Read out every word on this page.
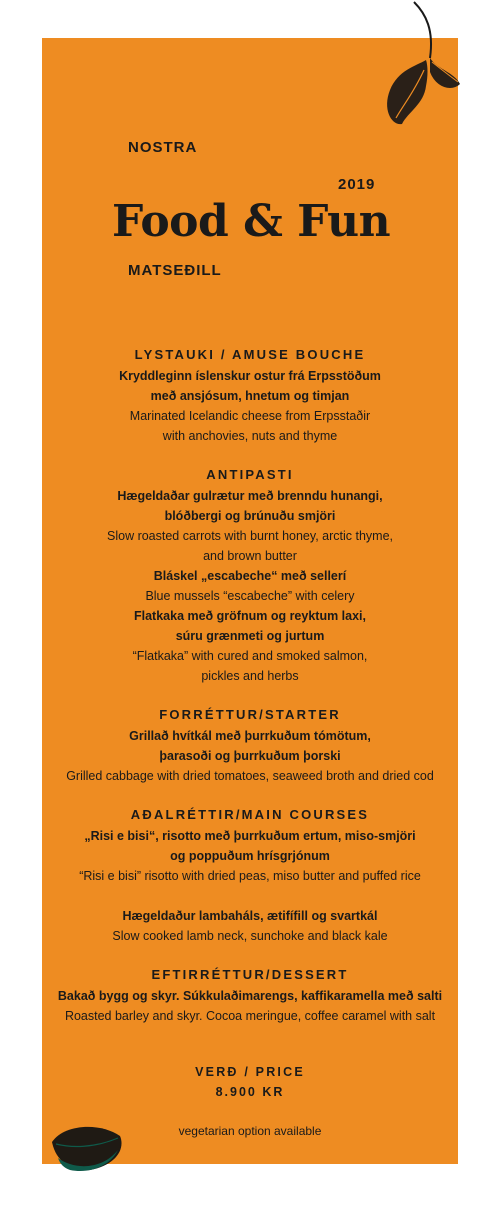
NOSTRA
2019
Food & Fun
MATSEÐILL
LYSTAUKI / AMUSE BOUCHE
Kryddleginn íslenskur ostur frá Erpsstöðum
með ansjósum, hnetum og timjan
Marinated Icelandic cheese from Erpsstaðir
with anchovies, nuts and thyme
ANTIPASTI
Hægeldaðar gulrætur með brenndu hunangi,
blóðbergi og brúnuðu smjöri
Slow roasted carrots with burnt honey, arctic thyme,
and brown butter
Bláskel „escabeche“ með sellerí
Blue mussels “escabeche” with celery
Flatkaka með gröfnum og reyktum laxi,
súru grænmeti og jurtum
“Flatkaka” with cured and smoked salmon,
pickles and herbs
FORRÉTTUR/STARTER
Grillað hvítkál með þurrkuðum tómötum,
þarasoði og þurrkuðum þorski
Grilled cabbage with dried tomatoes, seaweed broth and dried cod
AÐALRÉTTIR/MAIN COURSES
„Risi e bisi“, risotto með þurrkuðum ertum, miso-smjöri
og poppuðum hrísgrjónum
“Risi e bisi” risotto with dried peas, miso butter and puffed rice
Hægeldaður lambaháls, ætifífill og svartkál
Slow cooked lamb neck, sunchoke and black kale
EFTIRRÉTTUR/DESSERT
Bakað bygg og skyr. Súkkulaðimarengs, kaffikaramella með salti
Roasted barley and skyr. Cocoa meringue, coffee caramel with salt
VERÐ / PRICE
8.900 KR
vegetarian option available
